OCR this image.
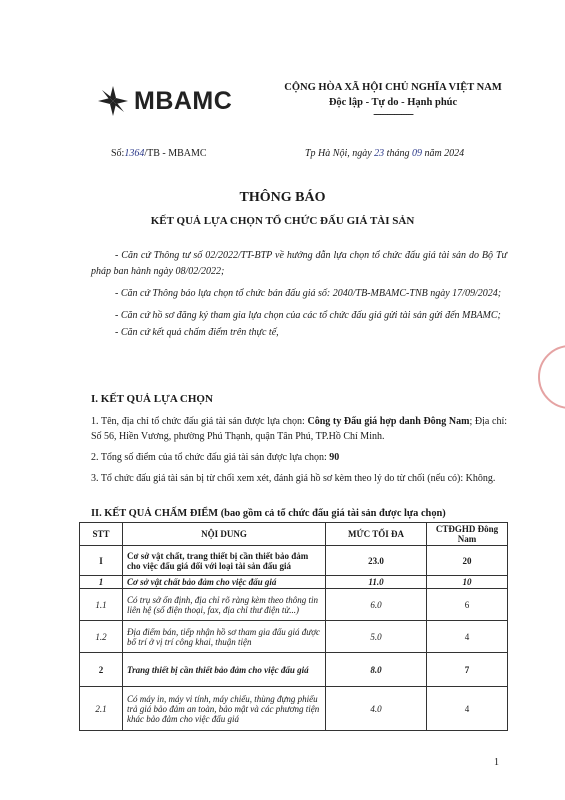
MBAMC	CỘNG HÒA XÃ HỘI CHỦ NGHĨA VIỆT NAM
Độc lập - Tự do - Hạnh phúc
-----------------
Số:1364/TB - MBAMC	Tp Hà Nội, ngày 23 tháng 09 năm 2024
THÔNG BÁO
KẾT QUẢ LỰA CHỌN TỔ CHỨC ĐẤU GIÁ TÀI SẢN

- Căn cứ Thông tư số 02/2022/TT-BTP về hướng dẫn lựa chọn tổ chức đấu giá tài sản do Bộ Tư pháp ban hành ngày 08/02/2022;

- Căn cứ Thông báo lựa chọn tổ chức bán đấu giá số: 2040/TB-MBAMC-TNB ngày 17/09/2024;

- Căn cứ hồ sơ đăng ký tham gia lựa chọn của các tổ chức đấu giá gửi tài sản gửi đến MBAMC;

- Căn cứ kết quả chấm điểm trên thực tế,

I. KẾT QUẢ LỰA CHỌN

1. Tên, địa chỉ tổ chức đấu giá tài sản được lựa chọn: Công ty Đấu giá hợp danh Đông Nam; Địa chỉ: Số 56, Hiền Vương, phường Phú Thạnh, quận Tân Phú, TP.Hồ Chí Minh.

2. Tổng số điểm của tổ chức đấu giá tài sản được lựa chọn: 90

3. Tổ chức đấu giá tài sản bị từ chối xem xét, đánh giá hồ sơ kèm theo lý do từ chối (nếu có): Không.

II. KẾT QUẢ CHẤM ĐIỂM (bao gồm cả tổ chức đấu giá tài sản được lựa chọn)
STT	NỘI DUNG	MỨC TỐI ĐA	CTĐGHD Đông Nam
I	Cơ sở vật chất, trang thiết bị cần thiết bảo đảm cho việc đấu giá đối với loại tài sản đấu giá	23.0	20
1	Cơ sở vật chất bảo đảm cho việc đấu giá	11.0	10
1.1	Có trụ sở ổn định, địa chỉ rõ ràng kèm theo thông tin liên hệ (số điện thoại, fax, địa chỉ thư điện tử...)	6.0	6
1.2	Địa điểm bán, tiếp nhận hồ sơ tham gia đấu giá được bố trí ở vị trí công khai, thuận tiện	5.0	4
2	Trang thiết bị cần thiết bảo đảm cho việc đấu giá	8.0	7
2.1	Có máy in, máy vi tính, máy chiếu, thùng đựng phiếu trả giá bảo đảm an toàn, bảo mật và các phương tiện khác bảo đảm cho việc đấu giá	4.0	4
1
